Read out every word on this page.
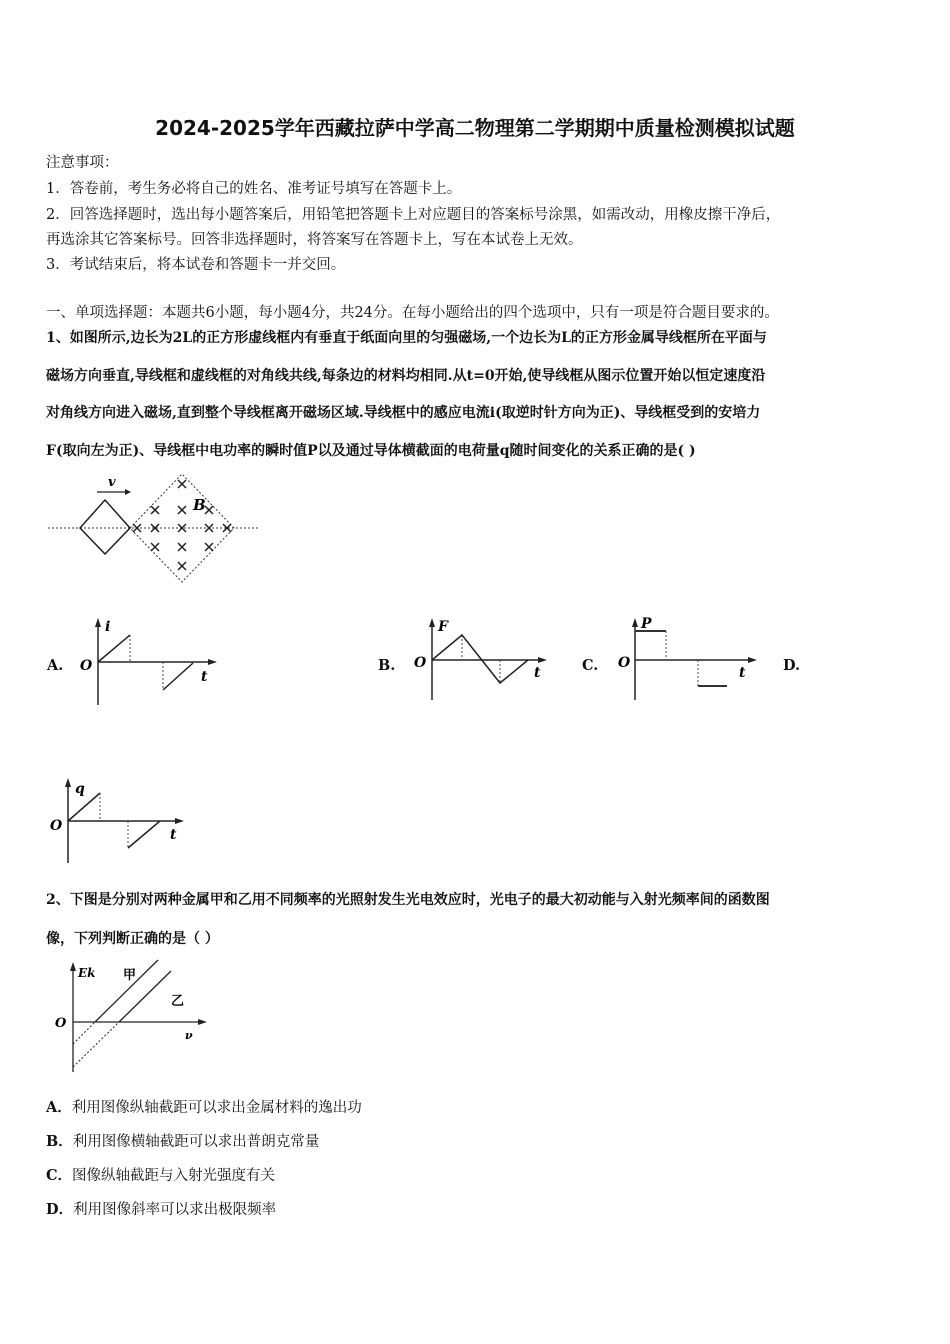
2024-2025学年西藏拉萨中学高二物理第二学期期中质量检测模拟试题
注意事项：
1．答卷前，考生务必将自己的姓名、准考证号填写在答题卡上。
2．回答选择题时，选出每小题答案后，用铅笔把答题卡上对应题目的答案标号涂黑，如需改动，用橡皮擦干净后，
再选涂其它答案标号。回答非选择题时，将答案写在答题卡上，写在本试卷上无效。
3．考试结束后，将本试卷和答题卡一并交回。
一、单项选择题：本题共6小题，每小题4分，共24分。在每小题给出的四个选项中，只有一项是符合题目要求的。
1、如图所示,边长为2L的正方形虚线框内有垂直于纸面向里的匀强磁场,一个边长为L的正方形金属导线框所在平面与
磁场方向垂直,导线框和虚线框的对角线共线,每条边的材料均相同.从t=0开始,使导线框从图示位置开始以恒定速度沿
对角线方向进入磁场,直到整个导线框离开磁场区域.导线框中的感应电流i(取逆时针方向为正)、导线框受到的安培力
F(取向左为正)、导线框中电功率的瞬时值P以及通过导体横截面的电荷量q随时间变化的关系正确的是( )
v
B
A.
i
O
t
B.
F
O
t	C.
P
O
t	D.
q
O
t
2、下图是分别对两种金属甲和乙用不同频率的光照射发生光电效应时，光电子的最大初动能与入射光频率间的函数图
像，下列判断正确的是（ ）
Ek
O
ν
甲
乙
A．利用图像纵轴截距可以求出金属材料的逸出功
B．利用图像横轴截距可以求出普朗克常量
C．图像纵轴截距与入射光强度有关
D．利用图像斜率可以求出极限频率
